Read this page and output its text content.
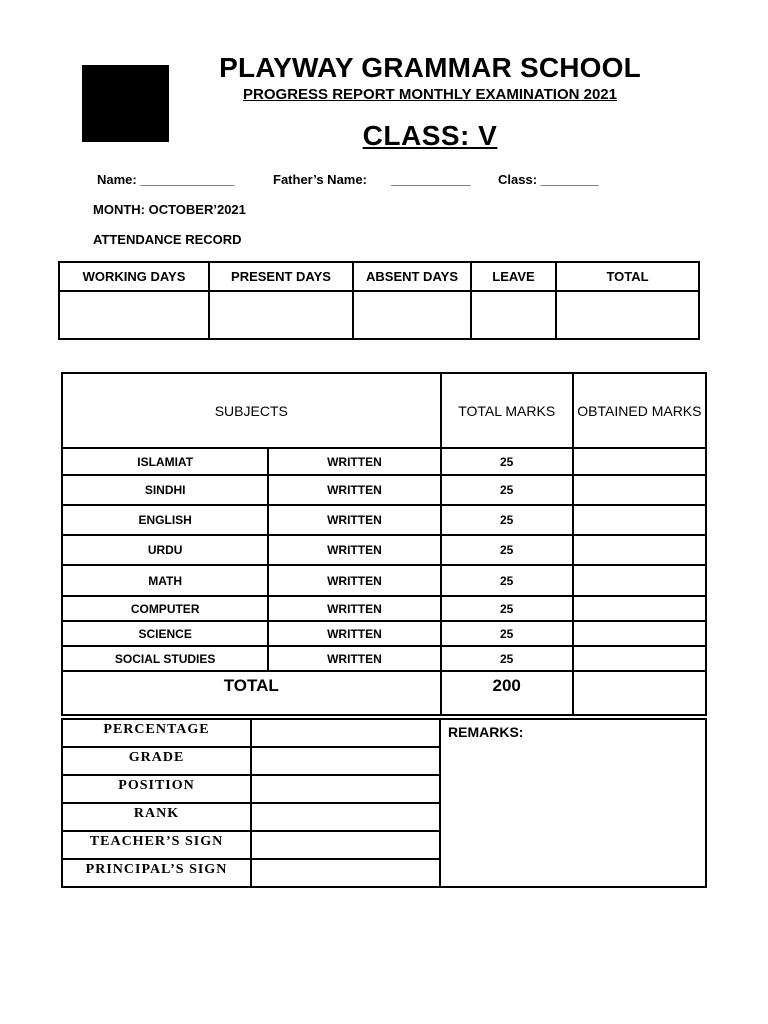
PLAYWAY GRAMMAR SCHOOL
PROGRESS REPORT MONTHLY EXAMINATION 2021
CLASS: V
Name: _____________	Father’s Name: ___________ Class: ________
MONTH: OCTOBER’2021
ATTENDANCE RECORD
WORKING DAYS	PRESENT DAYS	ABSENT DAYS	LEAVE	TOTAL

SUBJECTS		TOTAL MARKS	OBTAINED MARKS
ISLAMIAT	WRITTEN	25	
SINDHI	WRITTEN	25	
ENGLISH	WRITTEN	25	
URDU	WRITTEN	25	
MATH	WRITTEN	25	
COMPUTER	WRITTEN	25	
SCIENCE	WRITTEN	25	
SOCIAL STUDIES	WRITTEN	25	
TOTAL		200	
PERCENTAGE		REMARKS:
GRADE		
POSITION		
RANK		
TEACHER’S SIGN		
PRINCIPAL’S SIGN		
